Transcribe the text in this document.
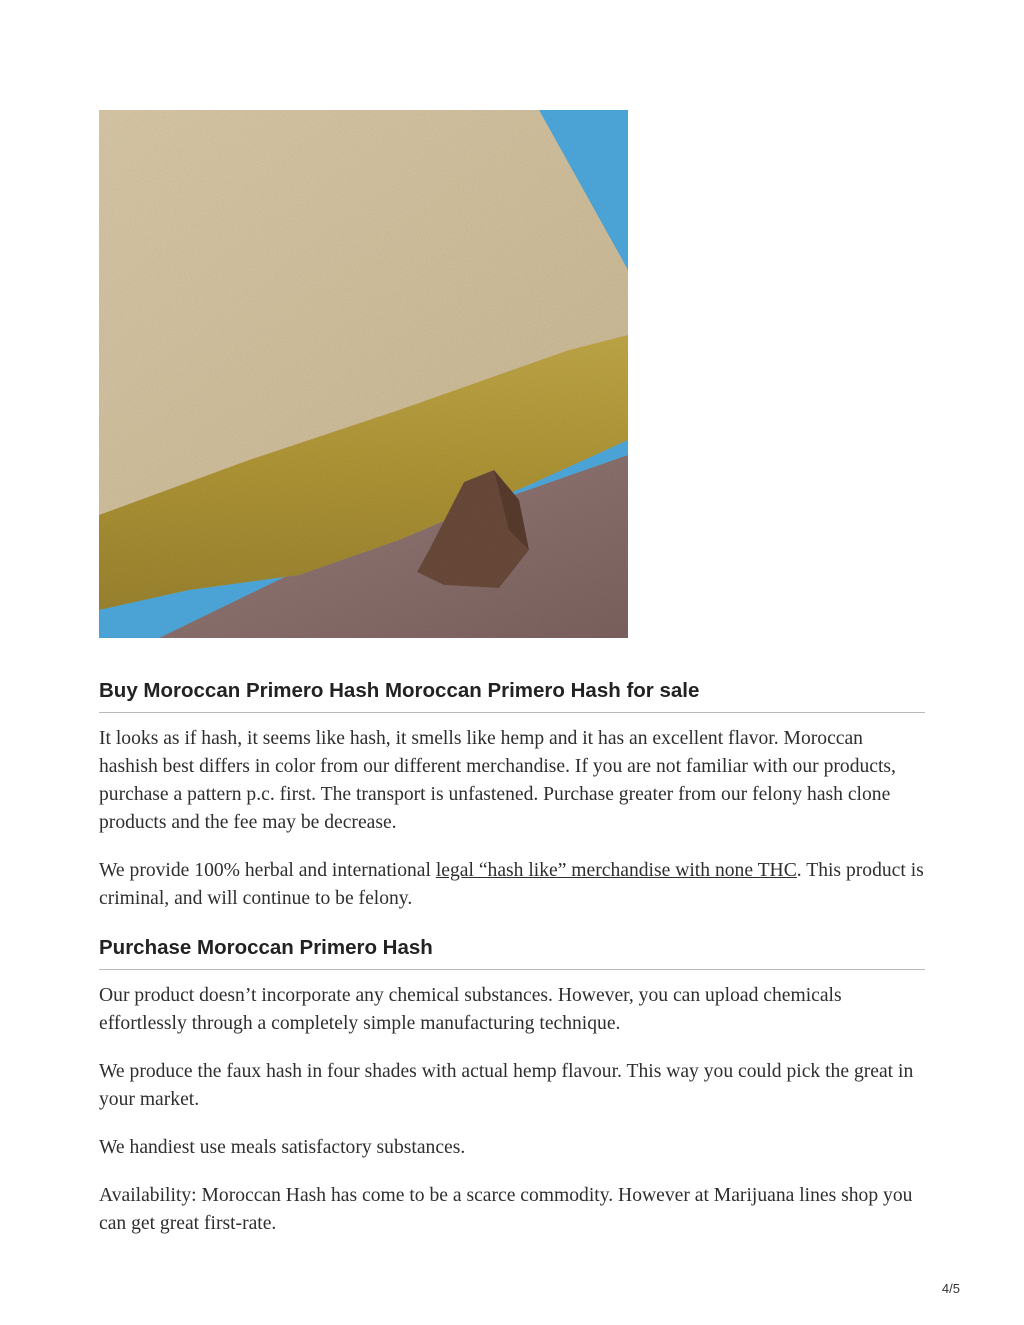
Buy Moroccan Primero Hash Moroccan Primero Hash for sale

It looks as if hash, it seems like hash, it smells like hemp and it has an excellent flavor. Moroccan hashish best differs in color from our different merchandise. If you are not familiar with our products, purchase a pattern p.c. first. The transport is unfastened. Purchase greater from our felony hash clone products and the fee may be decrease.

We provide 100% herbal and international legal “hash like” merchandise with none THC. This product is criminal, and will continue to be felony.

Purchase Moroccan Primero Hash

Our product doesn’t incorporate any chemical substances. However, you can upload chemicals effortlessly through a completely simple manufacturing technique.

We produce the faux hash in four shades with actual hemp flavour. This way you could pick the great in your market.

We handiest use meals satisfactory substances.

Availability: Moroccan Hash has come to be a scarce commodity. However at Marijuana lines shop you can get great first-rate.

4/5
